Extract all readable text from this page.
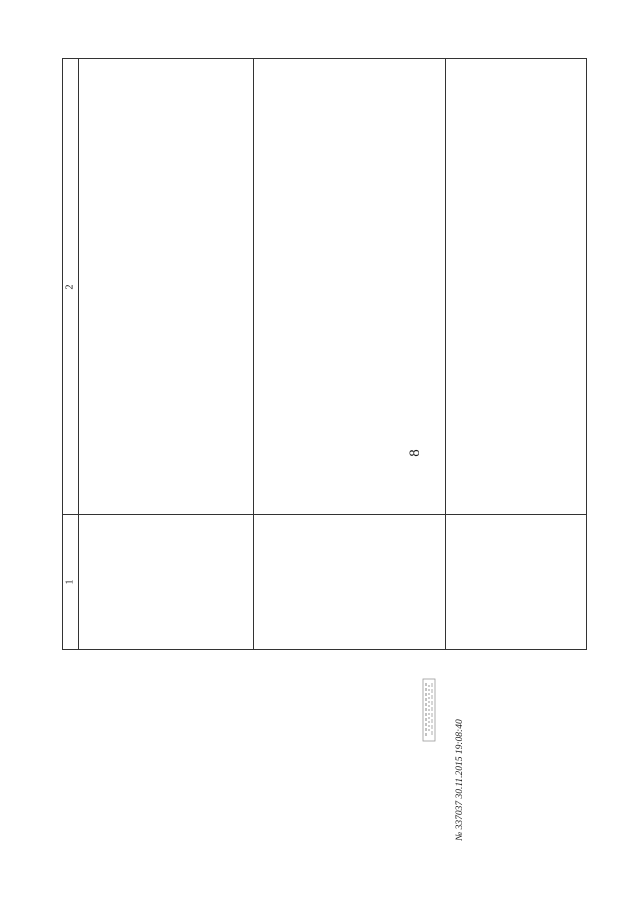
8
1
2
№ 337037 30.11.2015 19:08:40
